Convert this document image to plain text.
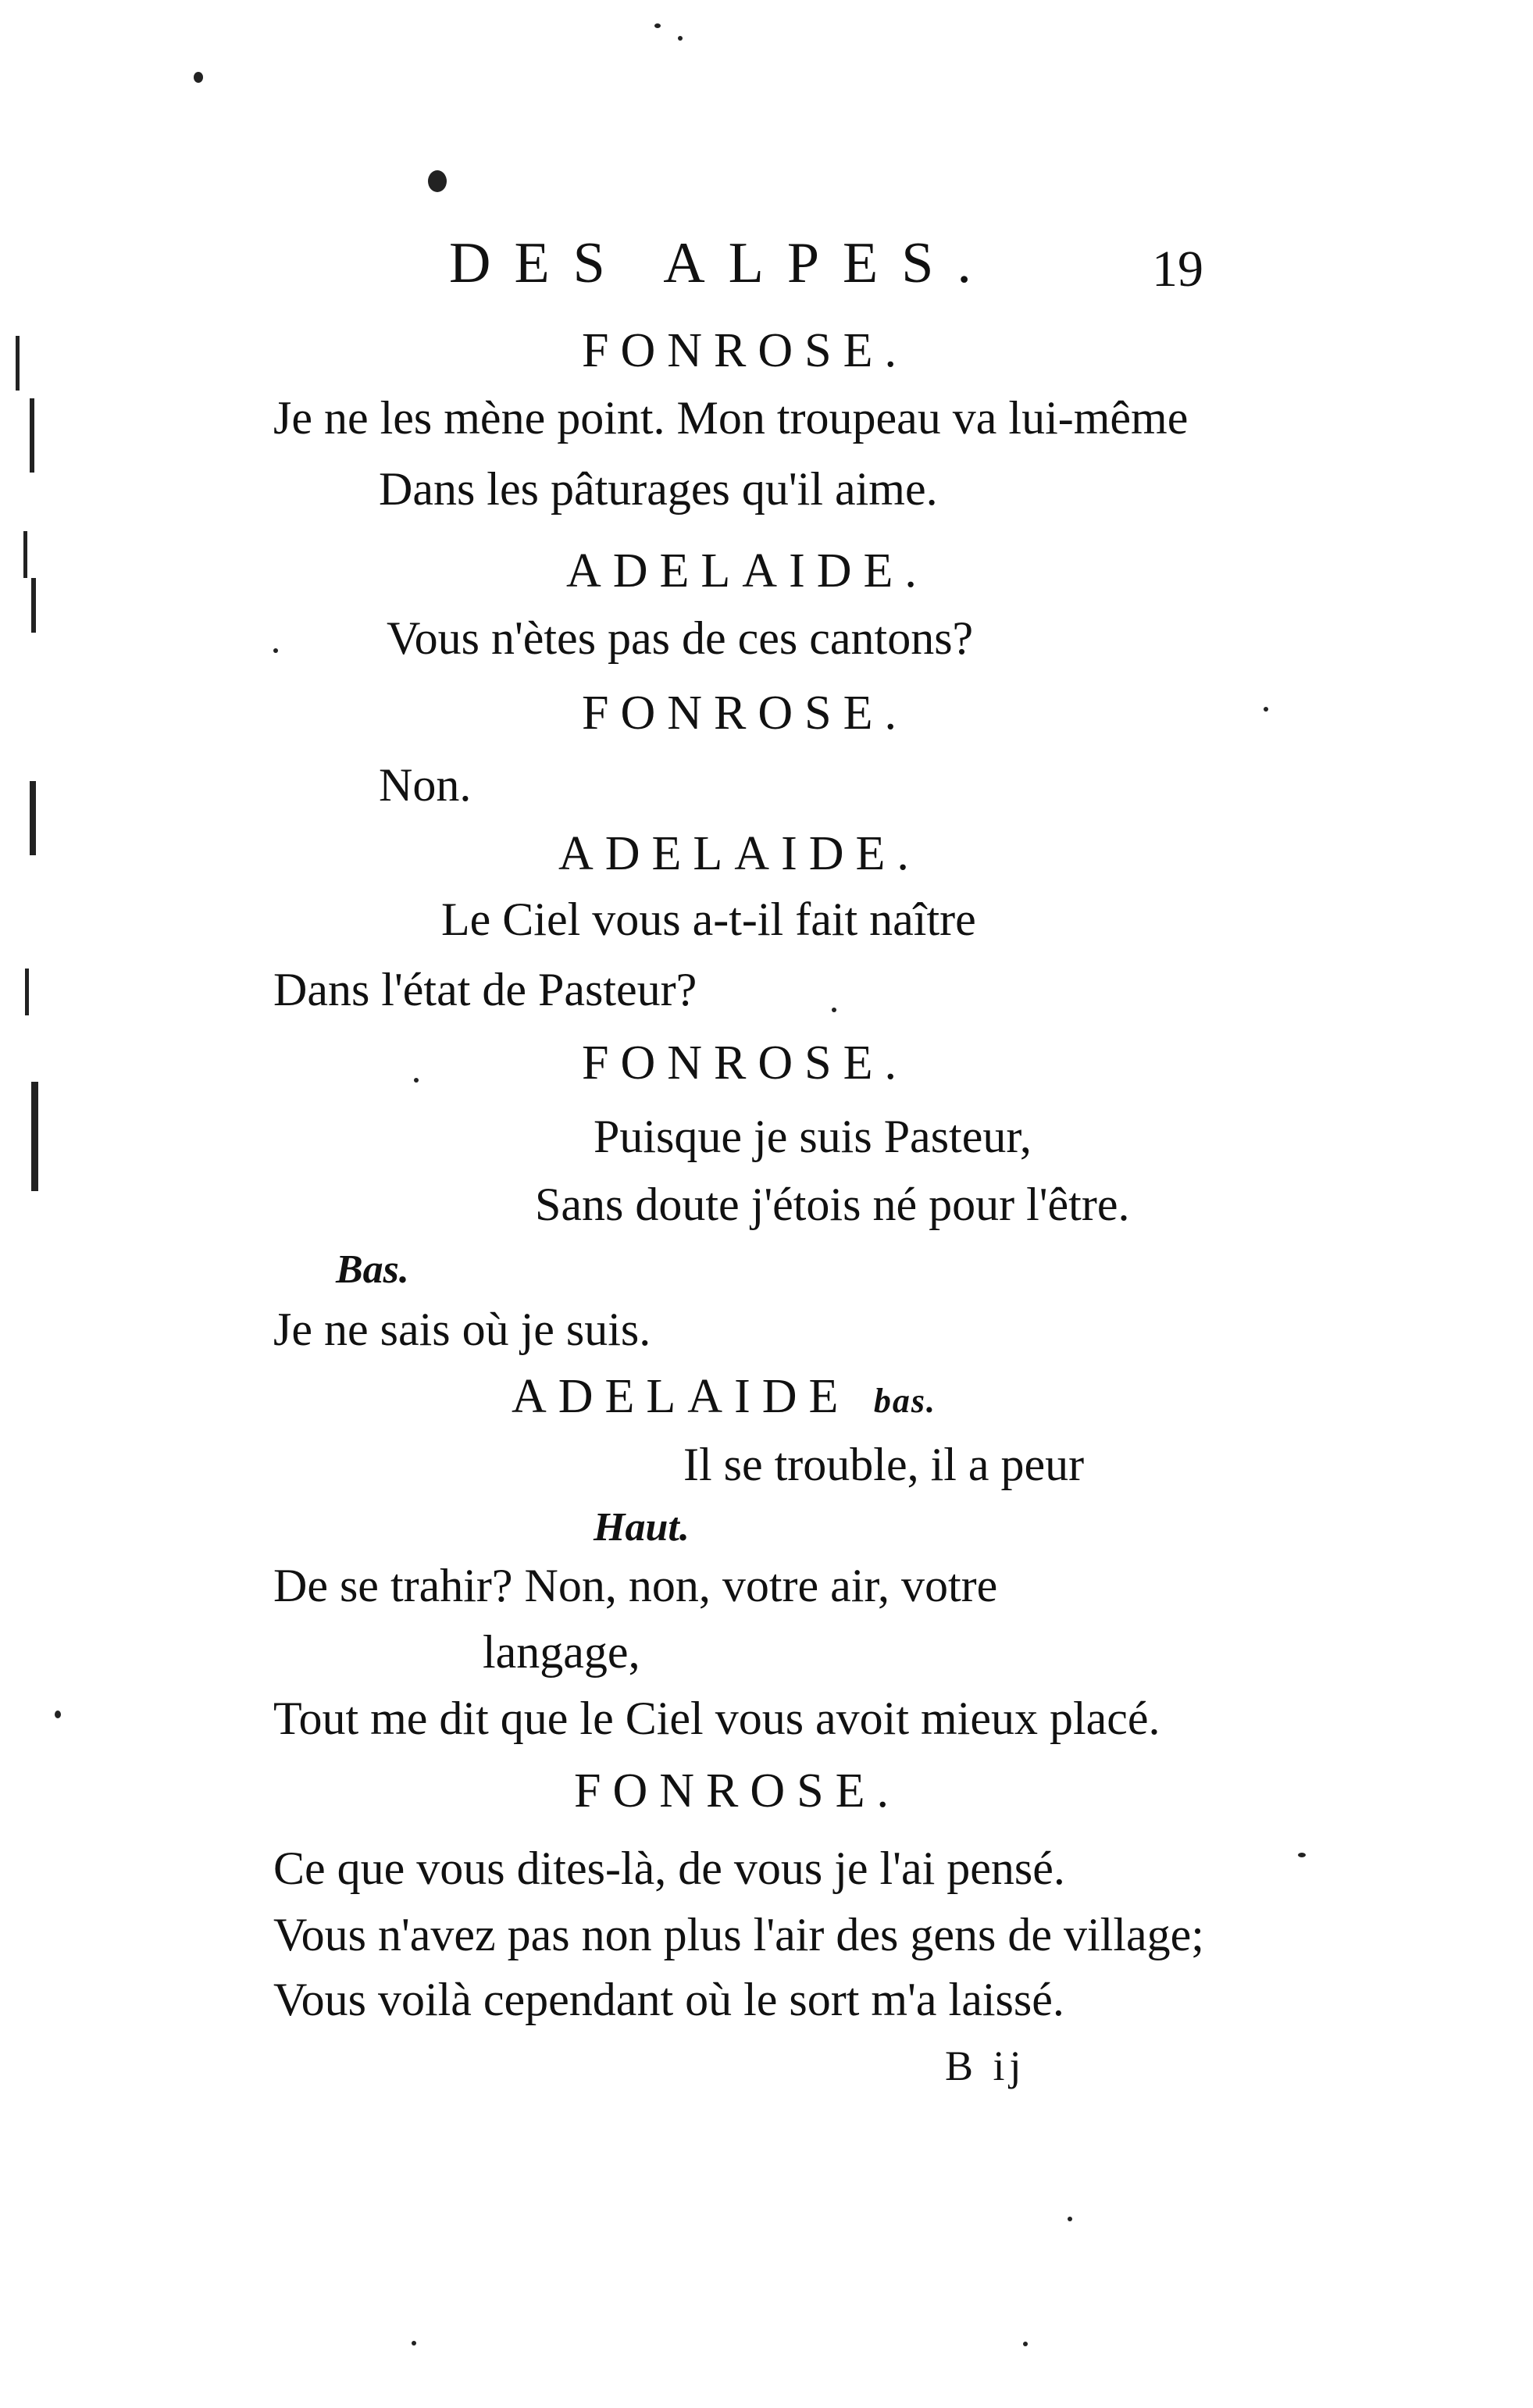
DES ALPES.	19
FONROSE.
Je ne les mène point. Mon troupeau va lui-même
Dans les pâturages qu'il aime.
ADELAIDE.
Vous n'ètes pas de ces cantons?
FONROSE.
Non.
ADELAIDE.
Le Ciel vous a-t-il fait naître
Dans l'état de Pasteur?
FONROSE.
Puisque je suis Pasteur,
Sans doute j'étois né pour l'être.
Bas.
Je ne sais où je suis.
ADELAIDE bas.
Il se trouble, il a peur
Haut.
De se trahir? Non, non, votre air, votre
langage,
Tout me dit que le Ciel vous avoit mieux placé.
FONROSE.
Ce que vous dites-là, de vous je l'ai pensé.
Vous n'avez pas non plus l'air des gens de village;
Vous voilà cependant où le sort m'a laissé.
B ij
